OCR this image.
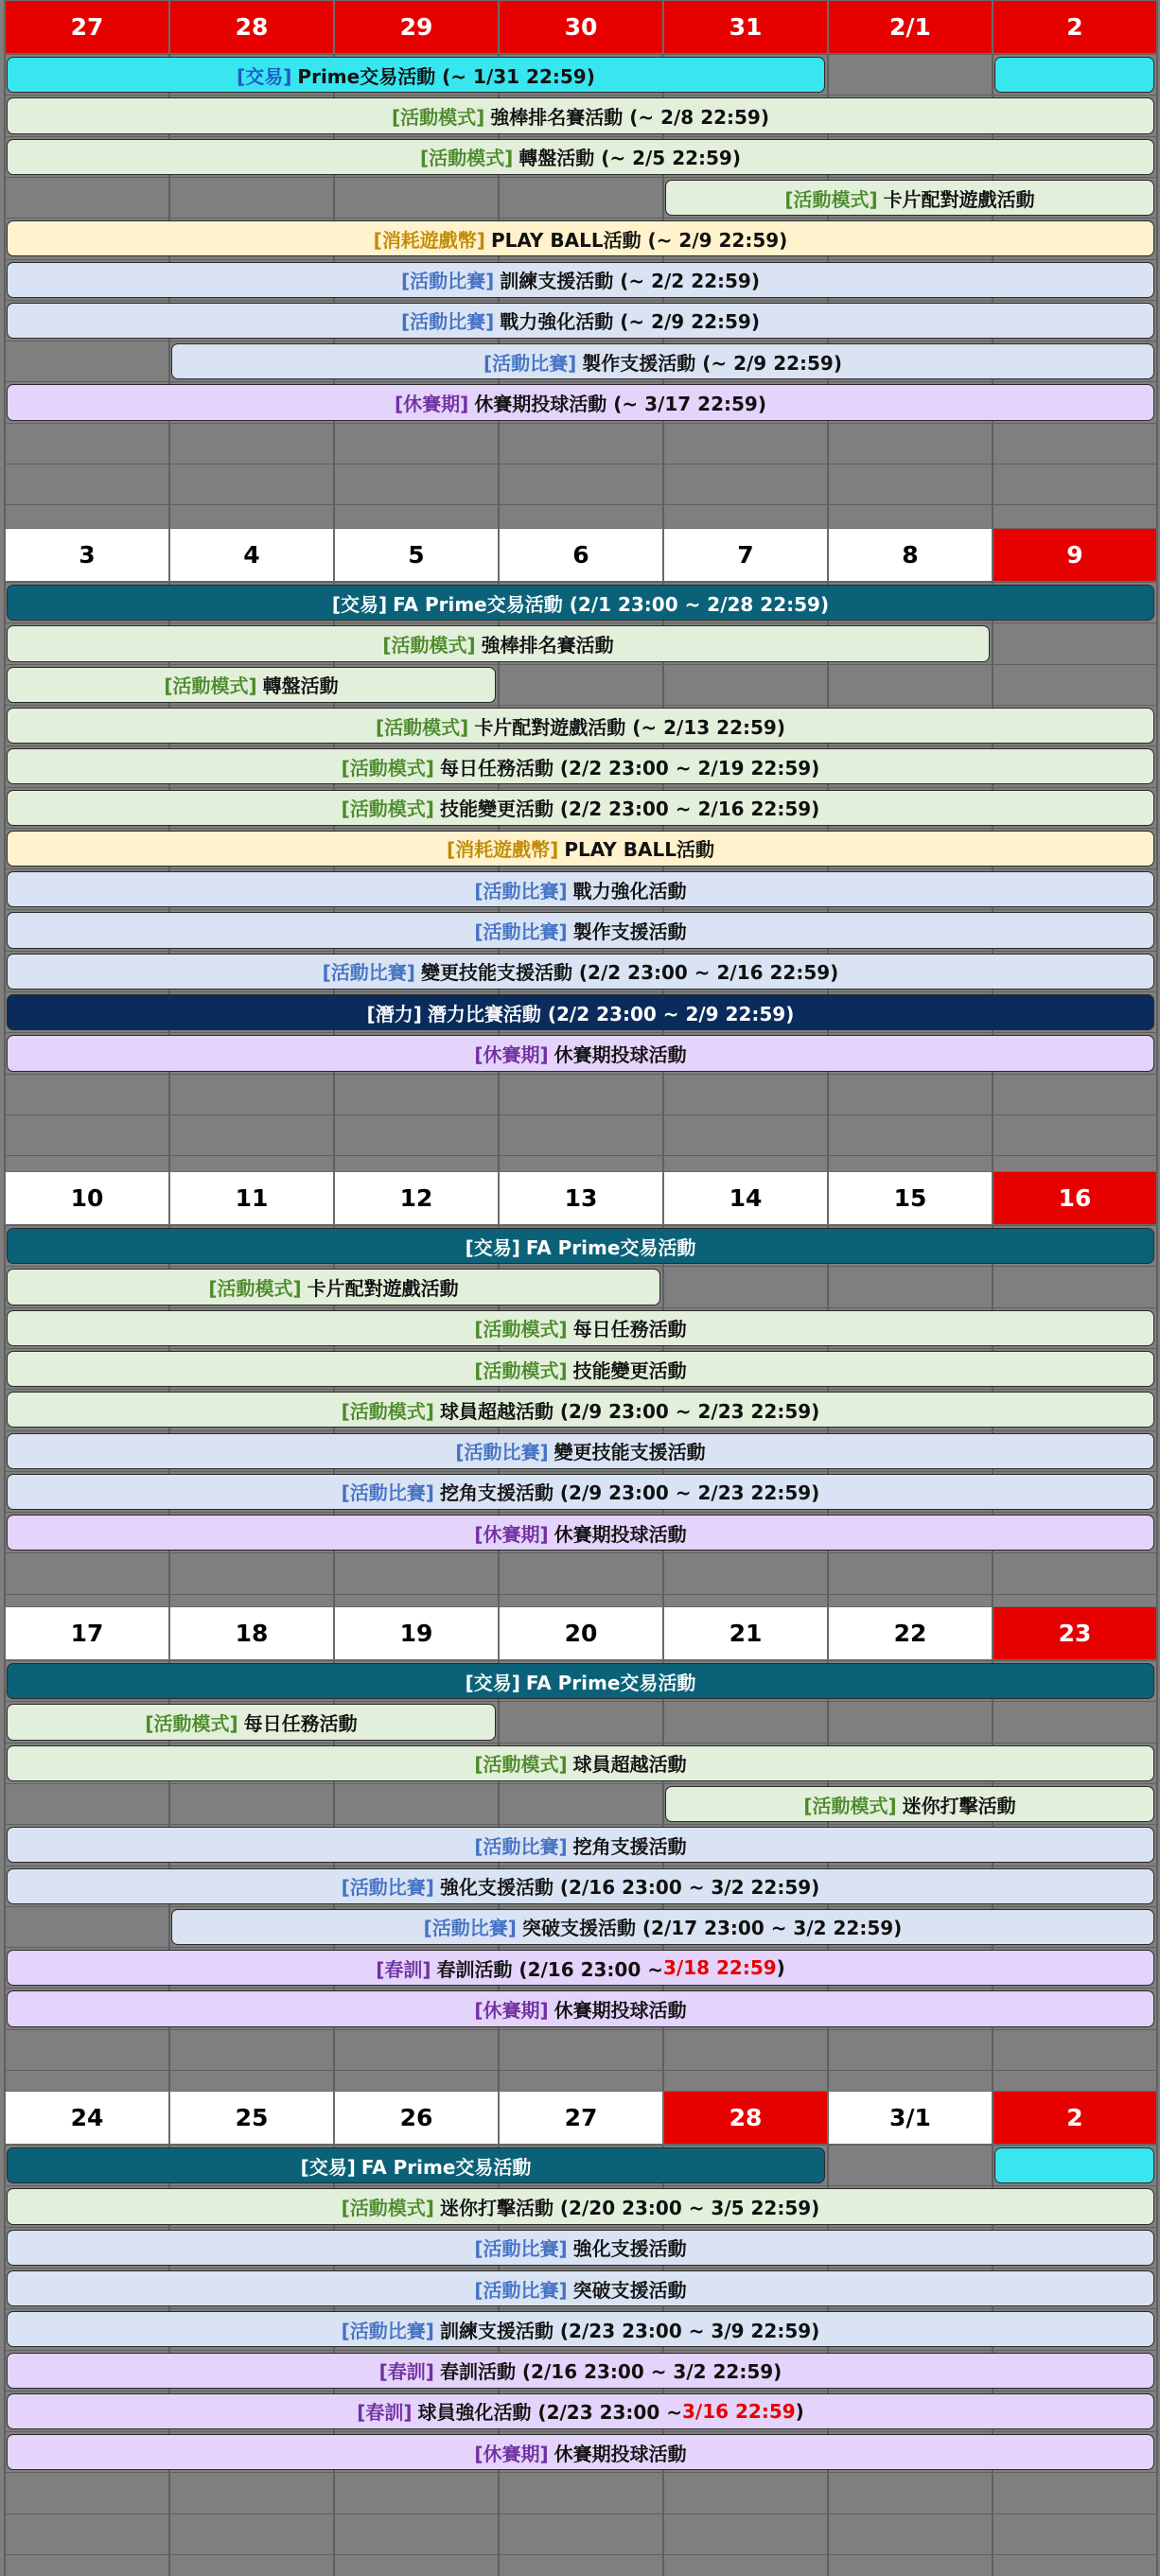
27	28	29	30	31	2/1	2
[交易] Prime交易活動 (~ 1/31 22:59)
[活動模式] 強棒排名賽活動 (~ 2/8 22:59)
[活動模式] 轉盤活動 (~ 2/5 22:59)
[活動模式] 卡片配對遊戲活動
[消耗遊戲幣] PLAY BALL活動 (~ 2/9 22:59)
[活動比賽] 訓練支援活動 (~ 2/2 22:59)
[活動比賽] 戰力強化活動 (~ 2/9 22:59)
[活動比賽] 製作支援活動 (~ 2/9 22:59)
[休賽期] 休賽期投球活動 (~ 3/17 22:59)
3	4	5	6	7	8	9
[交易] FA Prime交易活動 (2/1 23:00 ~ 2/28 22:59)
[活動模式] 強棒排名賽活動
[活動模式] 轉盤活動
[活動模式] 卡片配對遊戲活動 (~ 2/13 22:59)
[活動模式] 每日任務活動 (2/2 23:00 ~ 2/19 22:59)
[活動模式] 技能變更活動 (2/2 23:00 ~ 2/16 22:59)
[消耗遊戲幣] PLAY BALL活動
[活動比賽] 戰力強化活動
[活動比賽] 製作支援活動
[活動比賽] 變更技能支援活動 (2/2 23:00 ~ 2/16 22:59)
[潛力] 潛力比賽活動 (2/2 23:00 ~ 2/9 22:59)
[休賽期] 休賽期投球活動
10	11	12	13	14	15	16
[交易] FA Prime交易活動
[活動模式] 卡片配對遊戲活動
[活動模式] 每日任務活動
[活動模式] 技能變更活動
[活動模式] 球員超越活動 (2/9 23:00 ~ 2/23 22:59)
[活動比賽] 變更技能支援活動
[活動比賽] 挖角支援活動 (2/9 23:00 ~ 2/23 22:59)
[休賽期] 休賽期投球活動
17	18	19	20	21	22	23
[交易] FA Prime交易活動
[活動模式] 每日任務活動
[活動模式] 球員超越活動
[活動模式] 迷你打擊活動
[活動比賽] 挖角支援活動
[活動比賽] 強化支援活動 (2/16 23:00 ~ 3/2 22:59)
[活動比賽] 突破支援活動 (2/17 23:00 ~ 3/2 22:59)
[春訓] 春訓活動 (2/16 23:00 ~ 3/18 22:59 )
[休賽期] 休賽期投球活動
24	25	26	27	28	3/1	2
[交易] FA Prime交易活動
[活動模式] 迷你打擊活動 (2/20 23:00 ~ 3/5 22:59)
[活動比賽] 強化支援活動
[活動比賽] 突破支援活動
[活動比賽] 訓練支援活動 (2/23 23:00 ~ 3/9 22:59)
[春訓] 春訓活動 (2/16 23:00 ~ 3/2 22:59)
[春訓] 球員強化活動 (2/23 23:00 ~ 3/16 22:59 )
[休賽期] 休賽期投球活動
